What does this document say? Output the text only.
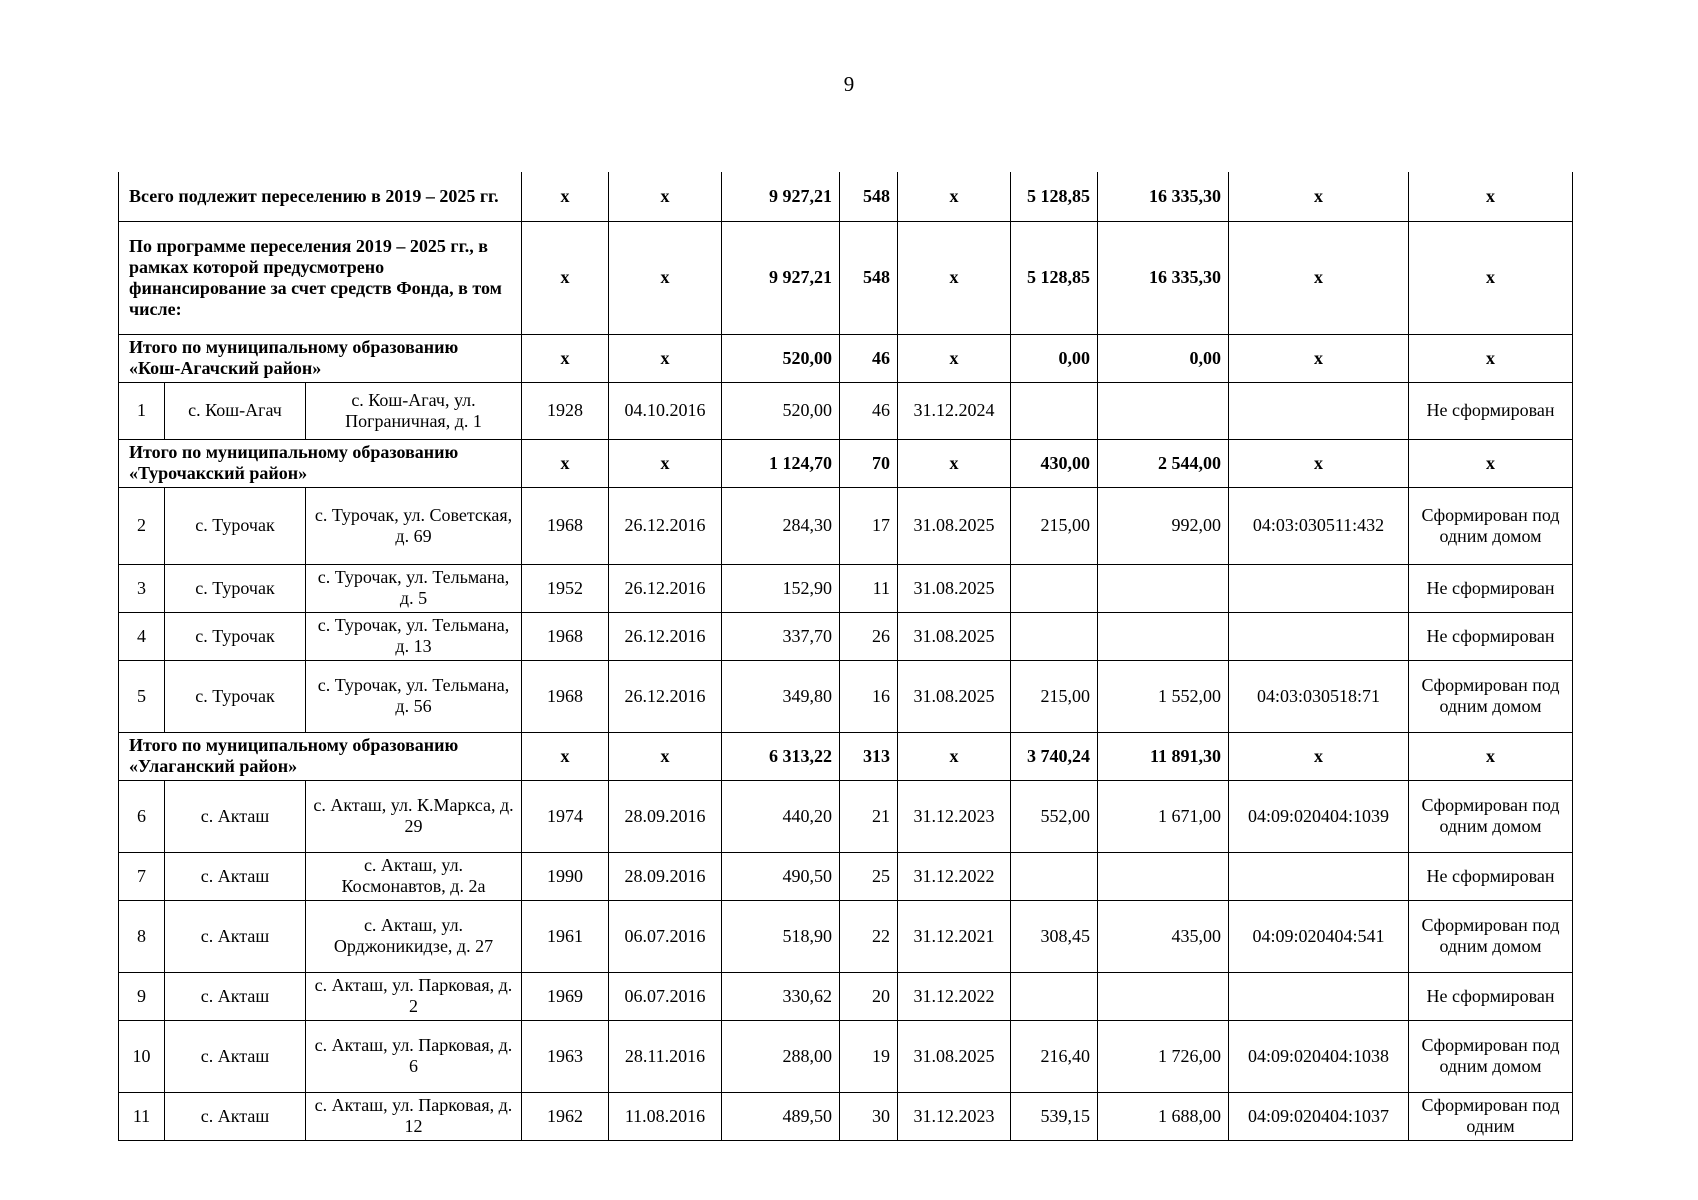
9
Всего подлежит переселению в 2019 – 2025 гг.			x	x	9 927,21	548	x	5 128,85	16 335,30	x	x
По программе переселения 2019 – 2025 гг., в рамках которой предусмотрено финансирование за счет средств Фонда, в том числе:			x	x	9 927,21	548	x	5 128,85	16 335,30	x	x
Итого по муниципальному образованию «Кош-Агачский район»			x	x	520,00	46	x	0,00	0,00	x	x
1	с. Кош-Агач	с. Кош-Агач, ул. Пограничная, д. 1	1928	04.10.2016	520,00	46	31.12.2024				Не сформирован
Итого по муниципальному образованию «Турочакский район»			x	x	1 124,70	70	x	430,00	2 544,00	x	x
2	с. Турочак	с. Турочак, ул. Советская, д. 69	1968	26.12.2016	284,30	17	31.08.2025	215,00	992,00	04:03:030511:432	Сформирован под одним домом
3	с. Турочак	с. Турочак, ул. Тельмана, д. 5	1952	26.12.2016	152,90	11	31.08.2025				Не сформирован
4	с. Турочак	с. Турочак, ул. Тельмана, д. 13	1968	26.12.2016	337,70	26	31.08.2025				Не сформирован
5	с. Турочак	с. Турочак, ул. Тельмана, д. 56	1968	26.12.2016	349,80	16	31.08.2025	215,00	1 552,00	04:03:030518:71	Сформирован под одним домом
Итого по муниципальному образованию «Улаганский район»			x	x	6 313,22	313	x	3 740,24	11 891,30	x	x
6	с. Акташ	с. Акташ, ул. К.Маркса, д. 29	1974	28.09.2016	440,20	21	31.12.2023	552,00	1 671,00	04:09:020404:1039	Сформирован под одним домом
7	с. Акташ	с. Акташ, ул. Космонавтов, д. 2а	1990	28.09.2016	490,50	25	31.12.2022				Не сформирован
8	с. Акташ	с. Акташ, ул. Орджоникидзе, д. 27	1961	06.07.2016	518,90	22	31.12.2021	308,45	435,00	04:09:020404:541	Сформирован под одним домом
9	с. Акташ	с. Акташ, ул. Парковая, д. 2	1969	06.07.2016	330,62	20	31.12.2022				Не сформирован
10	с. Акташ	с. Акташ, ул. Парковая, д. 6	1963	28.11.2016	288,00	19	31.08.2025	216,40	1 726,00	04:09:020404:1038	Сформирован под одним домом
11	с. Акташ	с. Акташ, ул. Парковая, д. 12	1962	11.08.2016	489,50	30	31.12.2023	539,15	1 688,00	04:09:020404:1037	Сформирован под одним
